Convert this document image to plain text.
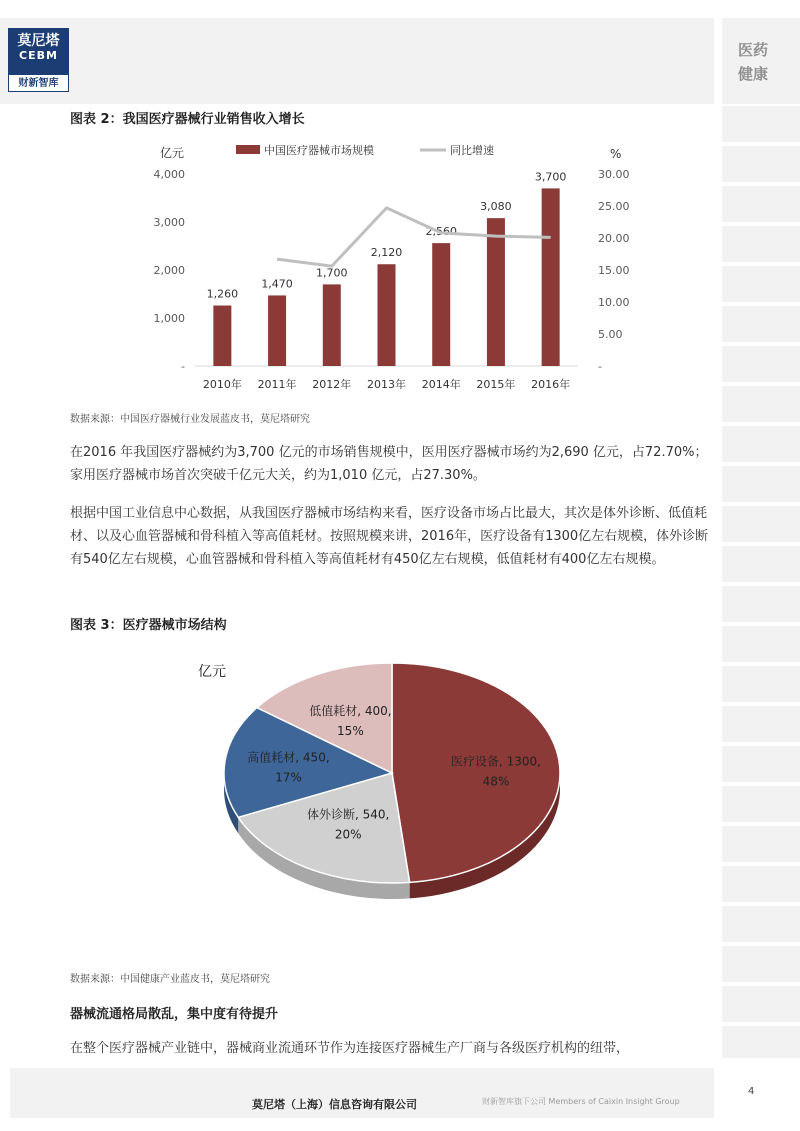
莫尼塔
CEBM
财新智库
医药
健康
图表 2：我国医疗器械行业销售收入增长
-
1,000
2,000
3,000
4,000
-
5.00
10.00
15.00
20.00
25.00
30.00
亿元	%
1,260
2010年
1,470
2011年
1,700
2012年
2,120
2013年
2,560
2014年
3,080
2015年
3,700
2016年
中国医疗器械市场规模	同比增速
数据来源：中国医疗器械行业发展蓝皮书，莫尼塔研究

在2016 年我国医疗器械约为3,700 亿元的市场销售规模中，医用医疗器械市场约为2,690 亿元，占72.70%；家用医疗器械市场首次突破千亿元大关，约为1,010 亿元，占27.30%。

根据中国工业信息中心数据，从我国医疗器械市场结构来看，医疗设备市场占比最大，其次是体外诊断、低值耗材、以及心血管器械和骨科植入等高值耗材。按照规模来讲，2016年，医疗设备有1300亿左右规模，体外诊断有540亿左右规模，心血管器械和骨科植入等高值耗材有450亿左右规模，低值耗材有400亿左右规模。

图表 3：医疗器械市场结构
医疗设备, 1300,
48%
体外诊断, 540,
20%
高值耗材, 450,
17%
低值耗材, 400,
15%
亿元
数据来源：中国健康产业蓝皮书，莫尼塔研究
器械流通格局散乱，集中度有待提升

在整个医疗器械产业链中，器械商业流通环节作为连接医疗器械生产厂商与各级医疗机构的纽带，

莫尼塔（上海）信息咨询有限公司	财新智库旗下公司 Members of Caixin Insight Group
4
